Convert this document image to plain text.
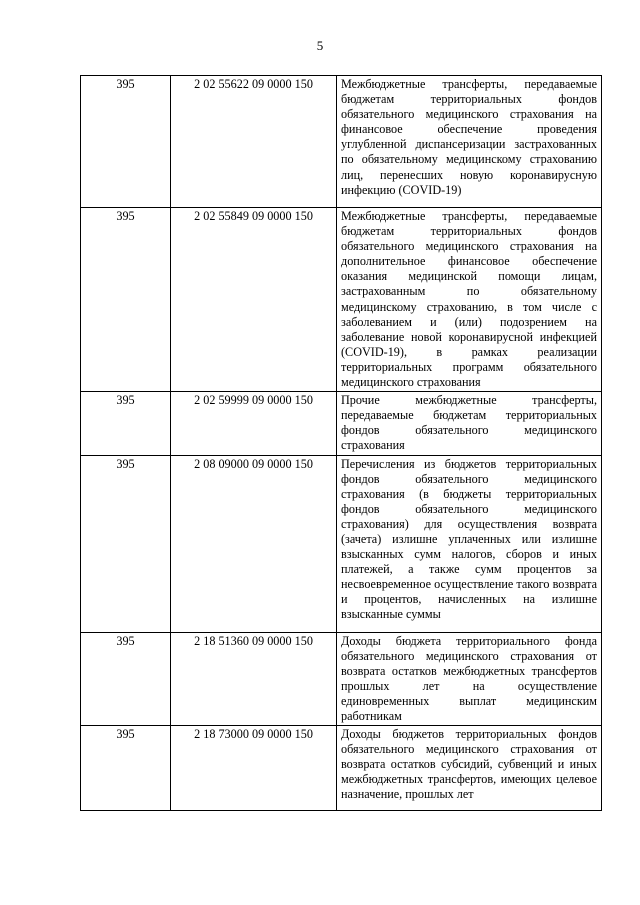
5
395	2 02 55622 09 0000 150	Межбюджетные трансферты, передаваемые бюджетам территориальных фондов обязательного медицинского страхования на финансовое обеспечение проведения углубленной диспансеризации застрахованных по обязательному медицинскому страхованию лиц, перенесших новую коронавирусную инфекцию (COVID-19)
395	2 02 55849 09 0000 150	Межбюджетные трансферты, передаваемые бюджетам территориальных фондов обязательного медицинского страхования на дополнительное финансовое обеспечение оказания медицинской помощи лицам, застрахованным по обязательному медицинскому страхованию, в том числе с заболеванием и (или) подозрением на заболевание новой коронавирусной инфекцией (COVID-19), в рамках реализации территориальных программ обязательного медицинского страхования
395	2 02 59999 09 0000 150	Прочие межбюджетные трансферты, передаваемые бюджетам территориальных фондов обязательного медицинского страхования
395	2 08 09000 09 0000 150	Перечисления из бюджетов территориальных фондов обязательного медицинского страхования (в бюджеты территориальных фондов обязательного медицинского страхования) для осуществления возврата (зачета) излишне уплаченных или излишне взысканных сумм налогов, сборов и иных платежей, а также сумм процентов за несвоевременное осуществление такого возврата и процентов, начисленных на излишне взысканные суммы
395	2 18 51360 09 0000 150	Доходы бюджета территориального фонда обязательного медицинского страхования от возврата остатков межбюджетных трансфертов прошлых лет на осуществление единовременных выплат медицинским работникам
395	2 18 73000 09 0000 150	Доходы бюджетов территориальных фондов обязательного медицинского страхования от возврата остатков субсидий, субвенций и иных межбюджетных трансфертов, имеющих целевое назначение, прошлых лет
